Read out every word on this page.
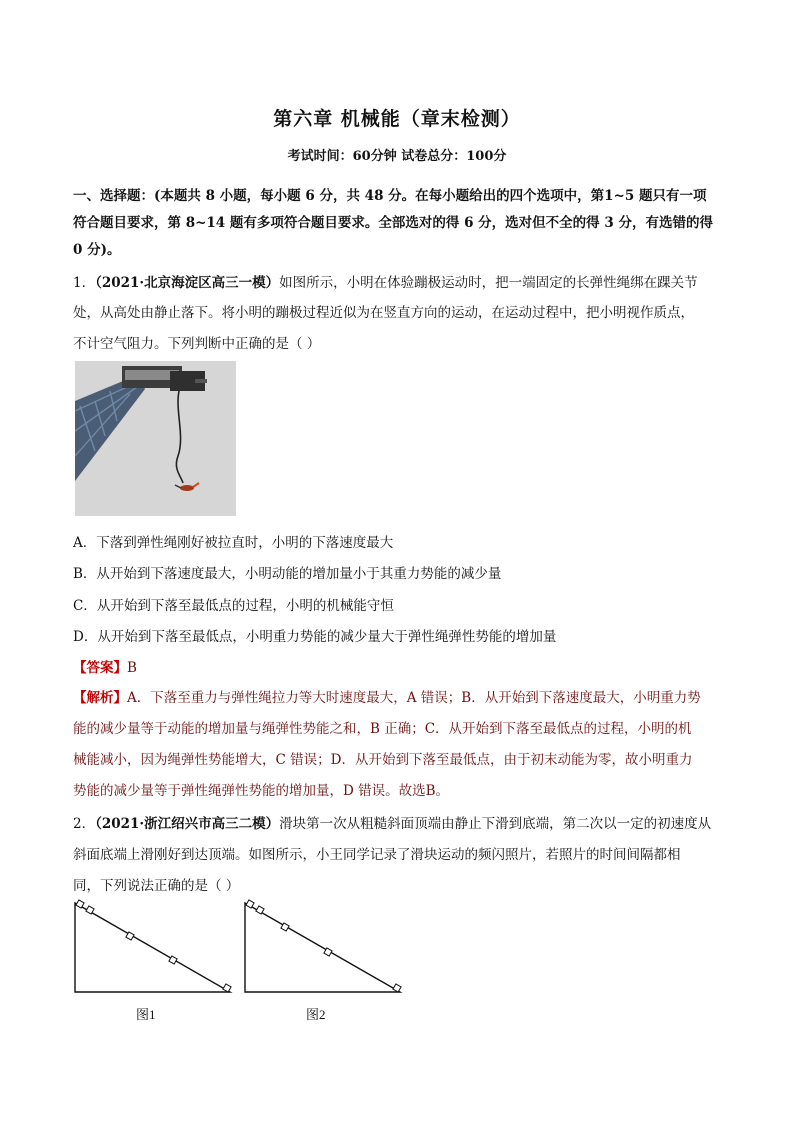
第六章 机械能（章末检测）
考试时间：60分钟 试卷总分：100分
一、选择题：(本题共 8 小题，每小题 6 分，共 48 分。在每小题给出的四个选项中，第1~5 题只有一项
符合题目要求，第 8~14 题有多项符合题目要求。全部选对的得 6 分，选对但不全的得 3 分，有选错的得
0 分)。
1．（2021·北京海淀区高三一模）如图所示，小明在体验蹦极运动时，把一端固定的长弹性绳绑在踝关节
处，从高处由静止落下。将小明的蹦极过程近似为在竖直方向的运动，在运动过程中，把小明视作质点，
不计空气阻力。下列判断中正确的是（ ）
A．下落到弹性绳刚好被拉直时，小明的下落速度最大
B．从开始到下落速度最大，小明动能的增加量小于其重力势能的减少量
C．从开始到下落至最低点的过程，小明的机械能守恒
D．从开始到下落至最低点，小明重力势能的减少量大于弹性绳弹性势能的增加量
【答案】B
【解析】A．下落至重力与弹性绳拉力等大时速度最大，A 错误；B．从开始到下落速度最大，小明重力势
能的减少量等于动能的增加量与绳弹性势能之和，B 正确；C．从开始到下落至最低点的过程，小明的机
械能减小，因为绳弹性势能增大，C 错误；D．从开始到下落至最低点，由于初末动能为零，故小明重力
势能的减少量等于弹性绳弹性势能的增加量，D 错误。故选B。
2．（2021·浙江绍兴市高三二模）滑块第一次从粗糙斜面顶端由静止下滑到底端，第二次以一定的初速度从
斜面底端上滑刚好到达顶端。如图所示，小王同学记录了滑块运动的频闪照片，若照片的时间间隔都相
同，下列说法正确的是（ ）
图1	图2
